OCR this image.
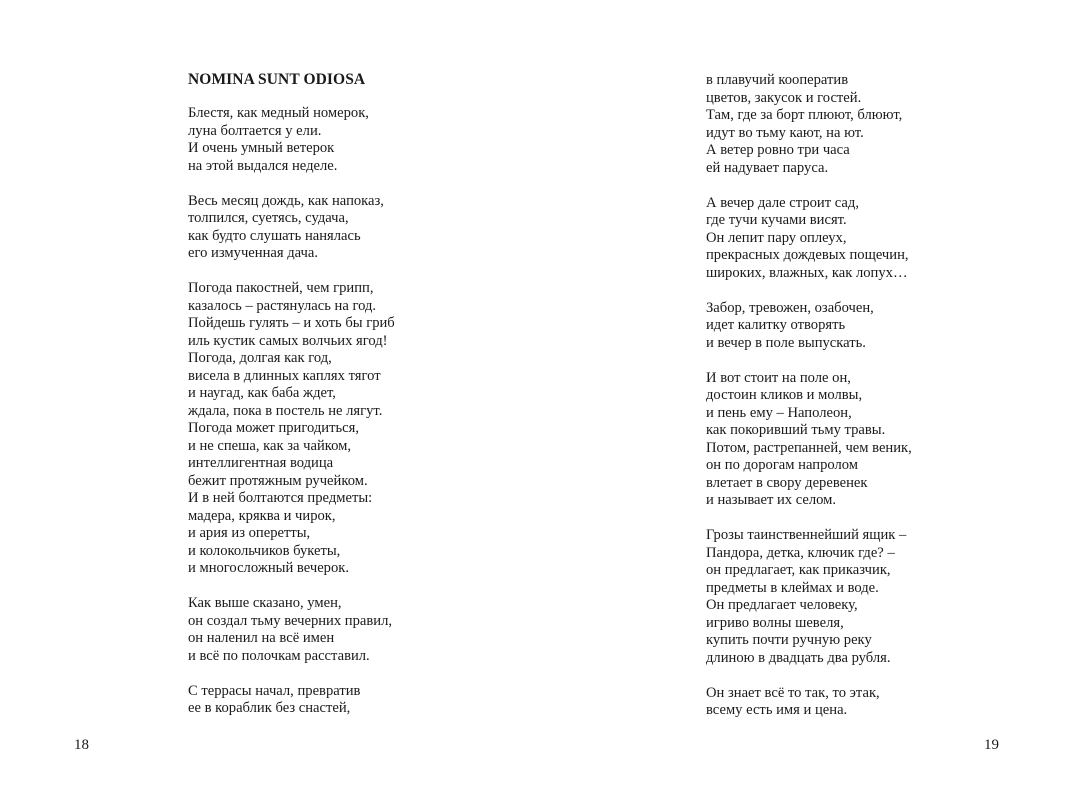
NOMINA SUNT ODIOSA
Блестя, как медный номерок,
луна болтается у ели.
И очень умный ветерок
на этой выдался неделе.
Весь месяц дождь, как напоказ,
толпился, суетясь, судача,
как будто слушать нанялась
его измученная дача.
Погода пакостней, чем грипп,
казалось – растянулась на год.
Пойдешь гулять – и хоть бы гриб
иль кустик самых волчьих ягод!
Погода, долгая как год,
висела в длинных каплях тягот
и наугад, как баба ждет,
ждала, пока в постель не лягут.
Погода может пригодиться,
и не спеша, как за чайком,
интеллигентная водица
бежит протяжным ручейком.
И в ней болтаются предметы:
мадера, кряква и чирок,
и ария из оперетты,
и колокольчиков букеты,
и многосложный вечерок.
Как выше сказано, умен,
он создал тьму вечерних правил,
он наленил на всё имен
и всё по полочкам расставил.
С террасы начал, превратив
ее в кораблик без снастей,
18
в плавучий кооператив
цветов, закусок и гостей.
Там, где за борт плюют, блюют,
идут во тьму кают, на ют.
А ветер ровно три часа
ей надувает паруса.
А вечер дале строит сад,
где тучи кучами висят.
Он лепит пару оплеух,
прекрасных дождевых пощечин,
широких, влажных, как лопух…
Забор, тревожен, озабочен,
идет калитку отворять
и вечер в поле выпускать.
И вот стоит на поле он,
достоин кликов и молвы,
и пень ему – Наполеон,
как покоривший тьму травы.
Потом, растрепанней, чем веник,
он по дорогам напролом
влетает в свору деревенек
и называет их селом.
Грозы таинственнейший ящик –
Пандора, детка, ключик где? –
он предлагает, как приказчик,
предметы в клеймах и воде.
Он предлагает человеку,
игриво волны шевеля,
купить почти ручную реку
длиною в двадцать два рубля.
Он знает всё то так, то этак,
всему есть имя и цена.
19
